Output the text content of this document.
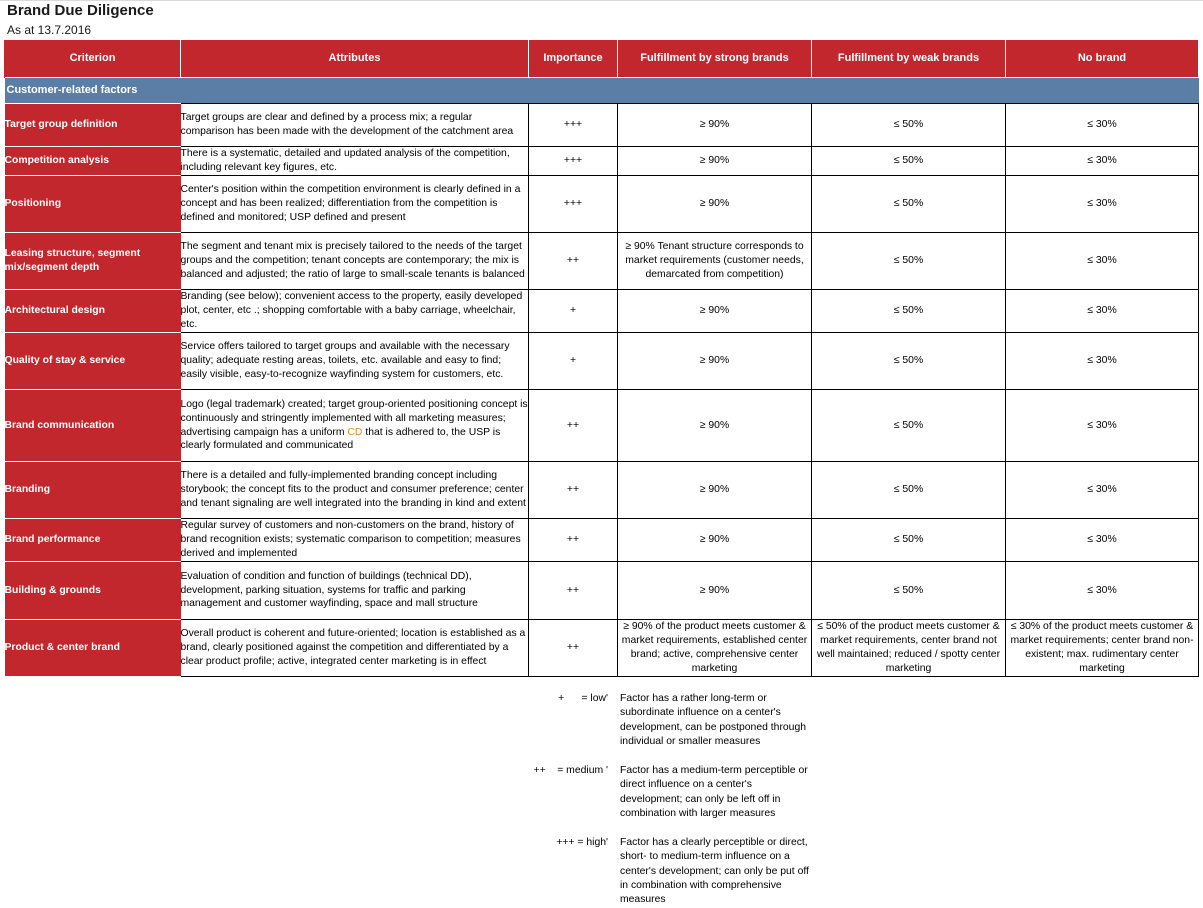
Brand Due Diligence
As at 13.7.2016
Criterion	Attributes	Importance	Fulfillment by strong brands	Fulfillment by weak brands	No brand
Customer-related factors					
Target group definition	Target groups are clear and defined by a process mix; a regular comparison has been made with the development of the catchment area	+++	≥ 90%	≤ 50%	≤ 30%
Competition analysis	There is a systematic, detailed and updated analysis of the competition, including relevant key figures, etc.	+++	≥ 90%	≤ 50%	≤ 30%
Positioning	Center's position within the competition environment is clearly defined in a concept and has been realized; differentiation from the competition is defined and monitored; USP defined and present	+++	≥ 90%	≤ 50%	≤ 30%
Leasing structure, segment mix/segment depth	The segment and tenant mix is precisely tailored to the needs of the target groups and the competition; tenant concepts are contemporary; the mix is balanced and adjusted; the ratio of large to small-scale tenants is balanced	++	≥ 90% Tenant structure corresponds to market requirements (customer needs, demarcated from competition)	≤ 50%	≤ 30%
Architectural design	Branding (see below); convenient access to the property, easily developed plot, center, etc .; shopping comfortable with a baby carriage, wheelchair, etc.	+	≥ 90%	≤ 50%	≤ 30%
Quality of stay & service	Service offers tailored to target groups and available with the necessary quality; adequate resting areas, toilets, etc. available and easy to find; easily visible, easy-to-recognize wayfinding system for customers, etc.	+	≥ 90%	≤ 50%	≤ 30%
Brand communication	Logo (legal trademark) created; target group-oriented positioning concept is continuously and stringently implemented with all marketing measures; advertising campaign has a uniform CD that is adhered to, the USP is clearly formulated and communicated	++	≥ 90%	≤ 50%	≤ 30%
Branding	There is a detailed and fully-implemented branding concept including storybook; the concept fits to the product and consumer preference; center and tenant signaling are well integrated into the branding in kind and extent	++	≥ 90%	≤ 50%	≤ 30%
Brand performance	Regular survey of customers and non-customers on the brand, history of brand recognition exists; systematic comparison to competition; measures derived and implemented	++	≥ 90%	≤ 50%	≤ 30%
Building & grounds	Evaluation of condition and function of buildings (technical DD), development, parking situation, systems for traffic and parking management and customer wayfinding, space and mall structure	++	≥ 90%	≤ 50%	≤ 30%
Product & center brand	Overall product is coherent and future-oriented; location is established as a brand, clearly positioned against the competition and differentiated by a clear product profile; active, integrated center marketing is in effect	++	≥ 90% of the product meets customer & market requirements, established center brand; active, comprehensive center marketing	≤ 50% of the product meets customer & market requirements, center brand not well maintained; reduced / spotty center marketing	≤ 30% of the product meets customer & market requirements; center brand non-existent; max. rudimentary center marketing
+      = low' Factor has a rather long-term or subordinate influence on a center's development, can be postponed through individual or smaller measures
++    = medium ' Factor has a medium-term perceptible or direct influence on a center's development; can only be left off in combination with larger measures
+++ = high' Factor has a clearly perceptible or direct, short- to medium-term influence on a center's development; can only be put off in combination with comprehensive measures
